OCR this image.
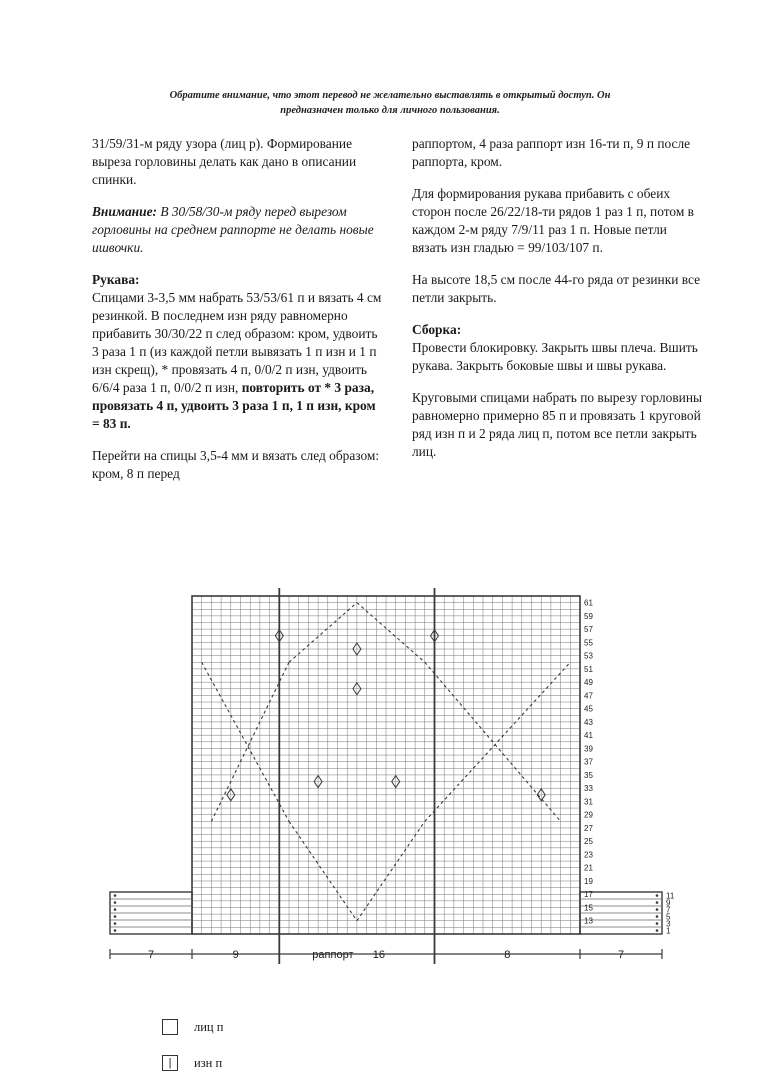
Обратите внимание, что этот перевод не желательно выставлять в открытый доступ. Он
предназначен только для личного пользования.

31/59/31-м ряду узора (лиц р). Формирование выреза горловины делать как дано в описании спинки.

Внимание: В 30/58/30-м ряду перед вырезом горловины на среднем раппорте не делать новые ишвочки.

Рукава:

Спицами 3-3,5 мм набрать 53/53/61 п и вязать 4 см резинкой. В последнем изн ряду равномерно прибавить 30/30/22 п след образом: кром, удвоить 3 раза 1 п (из каждой петли вывязать 1 п изн и 1 п изн скрещ), * провязать 4 п, 0/0/2 п изн, удвоить 6/6/4 раза 1 п, 0/0/2 п изн, повторить от * 3 раза, провязать 4 п, удвоить 3 раза 1 п, 1 п изн, кром = 83 п.

Перейти на спицы 3,5-4 мм и вязать след образом: кром, 8 п перед

раппортом, 4 раза раппорт изн 16-ти п, 9 п после раппорта, кром.

Для формирования рукава прибавить с обеих сторон после 26/22/18-ти рядов 1 раз 1 п, потом в каждом 2-м ряду 7/9/11 раз 1 п. Новые петли вязать изн гладью = 99/103/107 п.

На высоте 18,5 см после 44-го ряда от резинки все петли закрыть.

Сборка:

Провести блокировку. Закрыть швы плеча. Вшить рукава. Закрыть боковые швы и швы рукава.

Круговыми спицами набрать по вырезу горловины равномерно примерно 85 п и провязать 1 круговой ряд изн п и 2 ряда лиц п, потом все петли закрыть лиц.

61
59
57
55
53
51
49
47
45
43
41
39
37
35
33
31
29
27
25
23
21
19
17
15
13
11
9
7
5
3
1
7	9	раппорт 16	8	7
лиц п
|	изн п
